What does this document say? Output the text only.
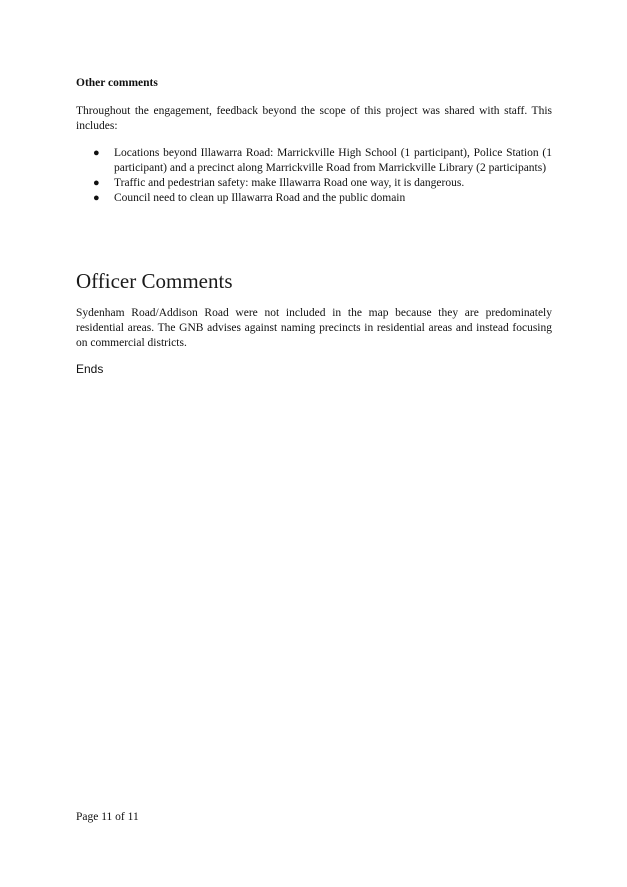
Other comments
Throughout the engagement, feedback beyond the scope of this project was shared with staff. This includes:
● Locations beyond Illawarra Road: Marrickville High School (1 participant), Police Station (1 participant) and a precinct along Marrickville Road from Marrickville Library (2 participants)
● Traffic and pedestrian safety: make Illawarra Road one way, it is dangerous.
● Council need to clean up Illawarra Road and the public domain
Officer Comments
Sydenham Road/Addison Road were not included in the map because they are predominately residential areas. The GNB advises against naming precincts in residential areas and instead focusing on commercial districts.
Ends
Page 11 of 11
